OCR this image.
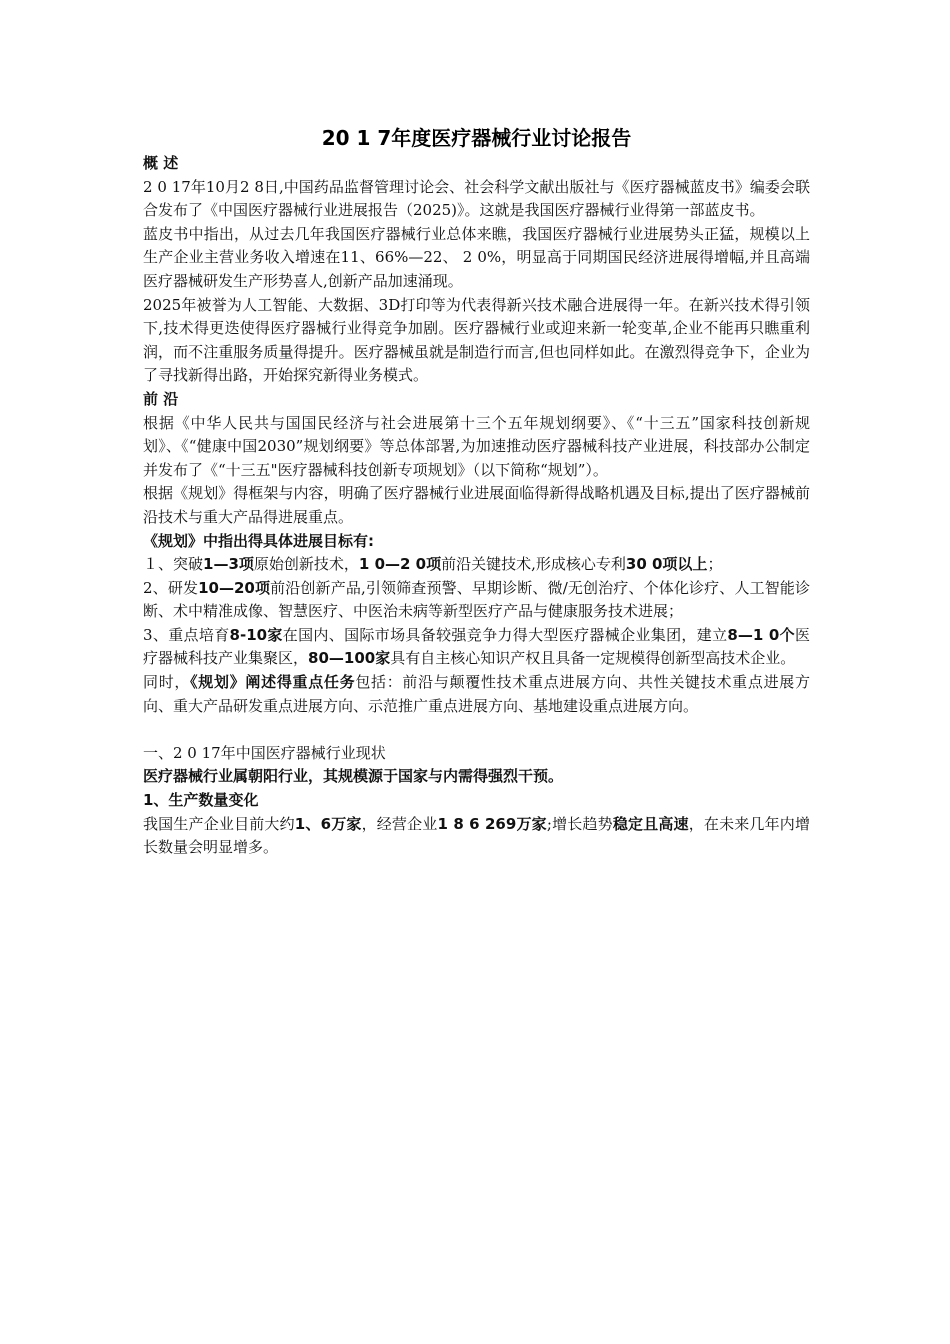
20 1 7年度医疗器械行业讨论报告
概 述

2 0 17年10月2 8日,中国药品监督管理讨论会、社会科学文献出版社与《医疗器械蓝皮书》编委会联合发布了《中国医疗器械行业进展报告（2025)》。这就是我国医疗器械行业得第一部蓝皮书。

蓝皮书中指出，从过去几年我国医疗器械行业总体来瞧，我国医疗器械行业进展势头正猛，规模以上生产企业主营业务收入增速在11、66%—22、 2 0%，明显高于同期国民经济进展得增幅,并且高端医疗器械研发生产形势喜人,创新产品加速涌现。

2025年被誉为人工智能、大数据、3D打印等为代表得新兴技术融合进展得一年。在新兴技术得引领下,技术得更迭使得医疗器械行业得竞争加剧。医疗器械行业或迎来新一轮变革,企业不能再只瞧重利润，而不注重服务质量得提升。医疗器械虽就是制造行而言,但也同样如此。在激烈得竞争下，企业为了寻找新得出路，开始探究新得业务模式。

前 沿

根据《中华人民共与国国民经济与社会进展第十三个五年规划纲要》、《“十三五”国家科技创新规划》、《“健康中国2030”规划纲要》等总体部署,为加速推动医疗器械科技产业进展，科技部办公制定并发布了《“十三五"医疗器械科技创新专项规划》（以下简称“规划”）。

根据《规划》得框架与内容，明确了医疗器械行业进展面临得新得战略机遇及目标,提出了医疗器械前沿技术与重大产品得进展重点。

《规划》中指出得具体进展目标有:

１、突破1—3项原始创新技术，1 0—2 0项前沿关键技术,形成核心专利30 0项以上；

2、研发10—20项前沿创新产品,引领筛查预警、早期诊断、微/无创治疗、个体化诊疗、人工智能诊断、术中精准成像、智慧医疗、中医治未病等新型医疗产品与健康服务技术进展；

3、重点培育8-10家在国内、国际市场具备较强竞争力得大型医疗器械企业集团，建立8—1 0个医疗器械科技产业集聚区，80—100家具有自主核心知识产权且具备一定规模得创新型高技术企业。

同时，《规划》阐述得重点任务包括：前沿与颠覆性技术重点进展方向、共性关键技术重点进展方向、重大产品研发重点进展方向、示范推广重点进展方向、基地建设重点进展方向。

一、2 0 17年中国医疗器械行业现状

医疗器械行业属朝阳行业，其规模源于国家与内需得强烈干预。
1、生产数量变化

我国生产企业目前大约1、6万家，经营企业1 8 6 269万家;增长趋势稳定且高速，在未来几年内增长数量会明显增多。
